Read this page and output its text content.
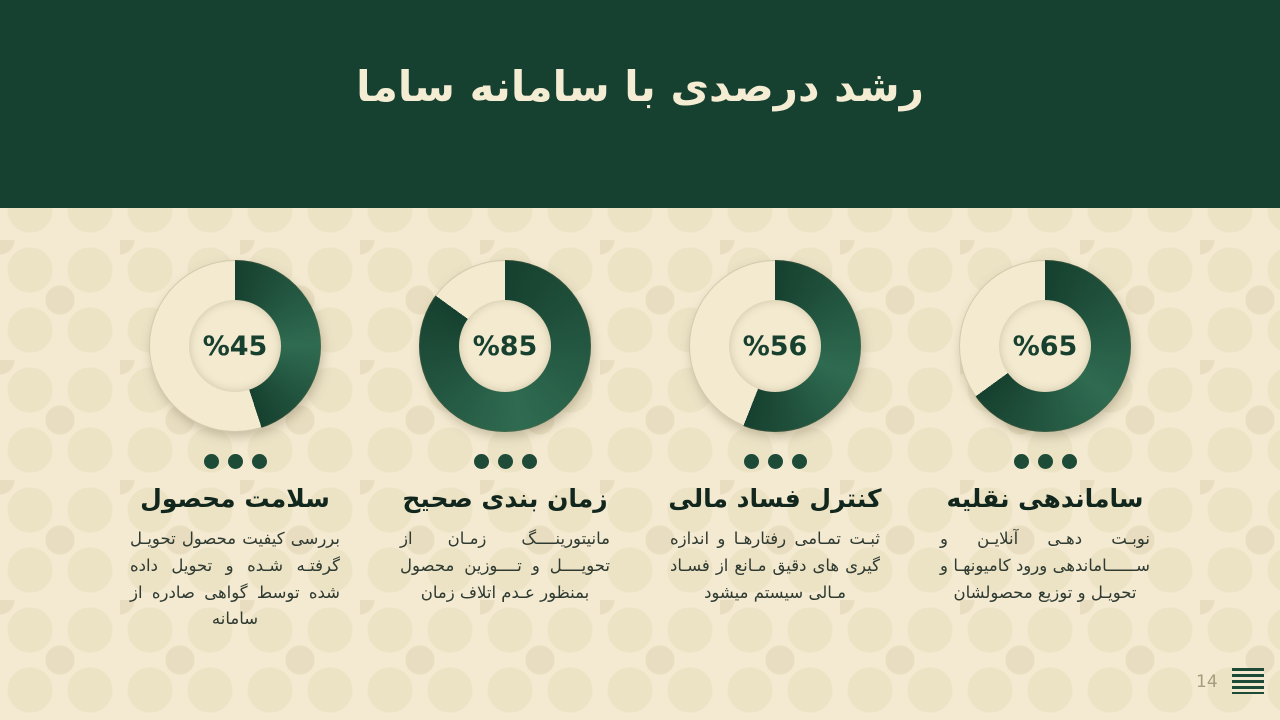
رشد درصدی با سامانه ساما
%45
سلامت محصول
بررسی کیفیت محصول تحویـل گرفتـه شـده و تحویل داده شده توسط گواهی صادره از سامانه
%85
زمان بندی صحیح
مانیتورینــــگ زمـان از تحویــــل و تــــوزین محصول بمنظور عـدم اتلاف زمان
%56
کنترل فساد مالی
ثبـت تمـامی رفتارهـا و اندازه گیری های دقیق مـانع از فسـاد مـالی سیستم میشود
%65
ساماندهی نقلیه
نوبـت دهـی آنلایـن و ســــــاماندهی ورود کامیونهـا و تحویـل و توزیع محصولشان
14
